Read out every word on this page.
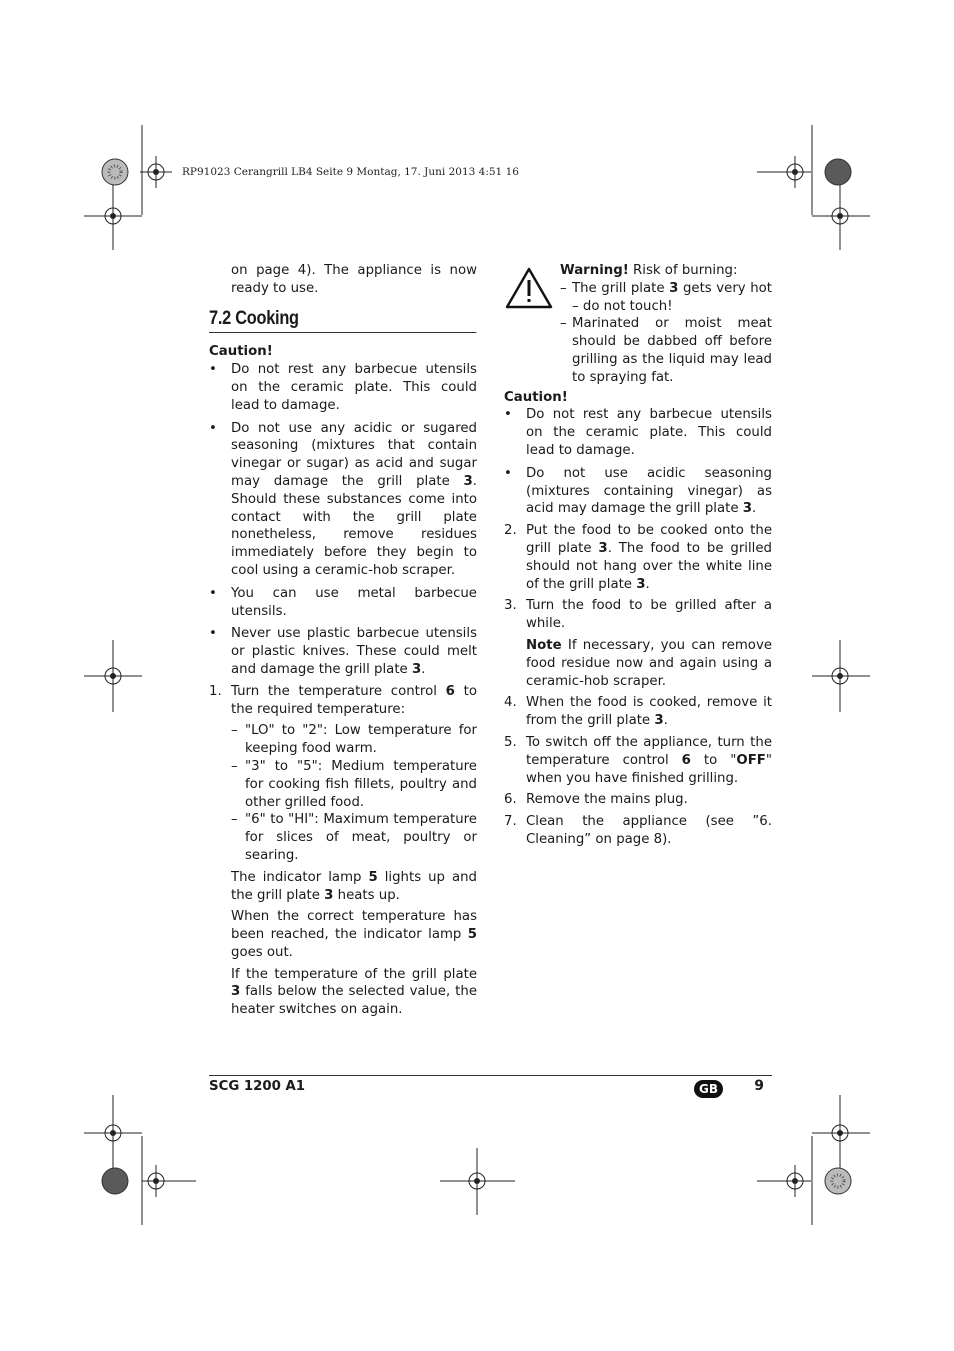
RP91023 Cerangrill LB4 Seite 9 Montag, 17. Juni 2013 4:51 16

on page 4). The appliance is now ready to use.

7.2 Cooking
Caution!
• Do not rest any barbecue utensils on the ceramic plate. This could lead to damage.
• Do not use any acidic or sugared seasoning (mixtures that contain vinegar or sugar) as acid and sugar may damage the grill plate 3. Should these substances come into contact with the grill plate nonetheless, remove residues immediately before they begin to cool using a ceramic-hob scraper.
• You can use metal barbecue utensils.
• Never use plastic barbecue utensils or plastic knives. These could melt and damage the grill plate 3.
1. Turn the temperature control 6 to the required temperature:
– "LO" to "2": Low temperature for keeping food warm.
– "3" to "5": Medium temperature for cooking fish fillets, poultry and other grilled food.
– "6" to "HI": Maximum temperature for slices of meat, poultry or searing.

The indicator lamp 5 lights up and the grill plate 3 heats up.

When the correct temperature has been reached, the indicator lamp 5 goes out.

If the temperature of the grill plate 3 falls below the selected value, the heater switches on again.

Warning! Risk of burning:
– The grill plate 3 gets very hot – do not touch!
– Marinated or moist meat should be dabbed off before grilling as the liquid may lead to spraying fat.
Caution!
• Do not rest any barbecue utensils on the ceramic plate. This could lead to damage.
• Do not use acidic seasoning (mixtures containing vinegar) as acid may damage the grill plate 3.
2. Put the food to be cooked onto the grill plate 3. The food to be grilled should not hang over the white line of the grill plate 3.
3. Turn the food to be grilled after a while.

Note If necessary, you can remove food residue now and again using a ceramic-hob scraper.

4. When the food is cooked, remove it from the grill plate 3.
5. To switch off the appliance, turn the temperature control 6 to "OFF" when you have finished grilling.
6. Remove the mains plug.
7. Clean the appliance (see ”6. Cleaning” on page 8).
SCG 1200 A1	GB	9
